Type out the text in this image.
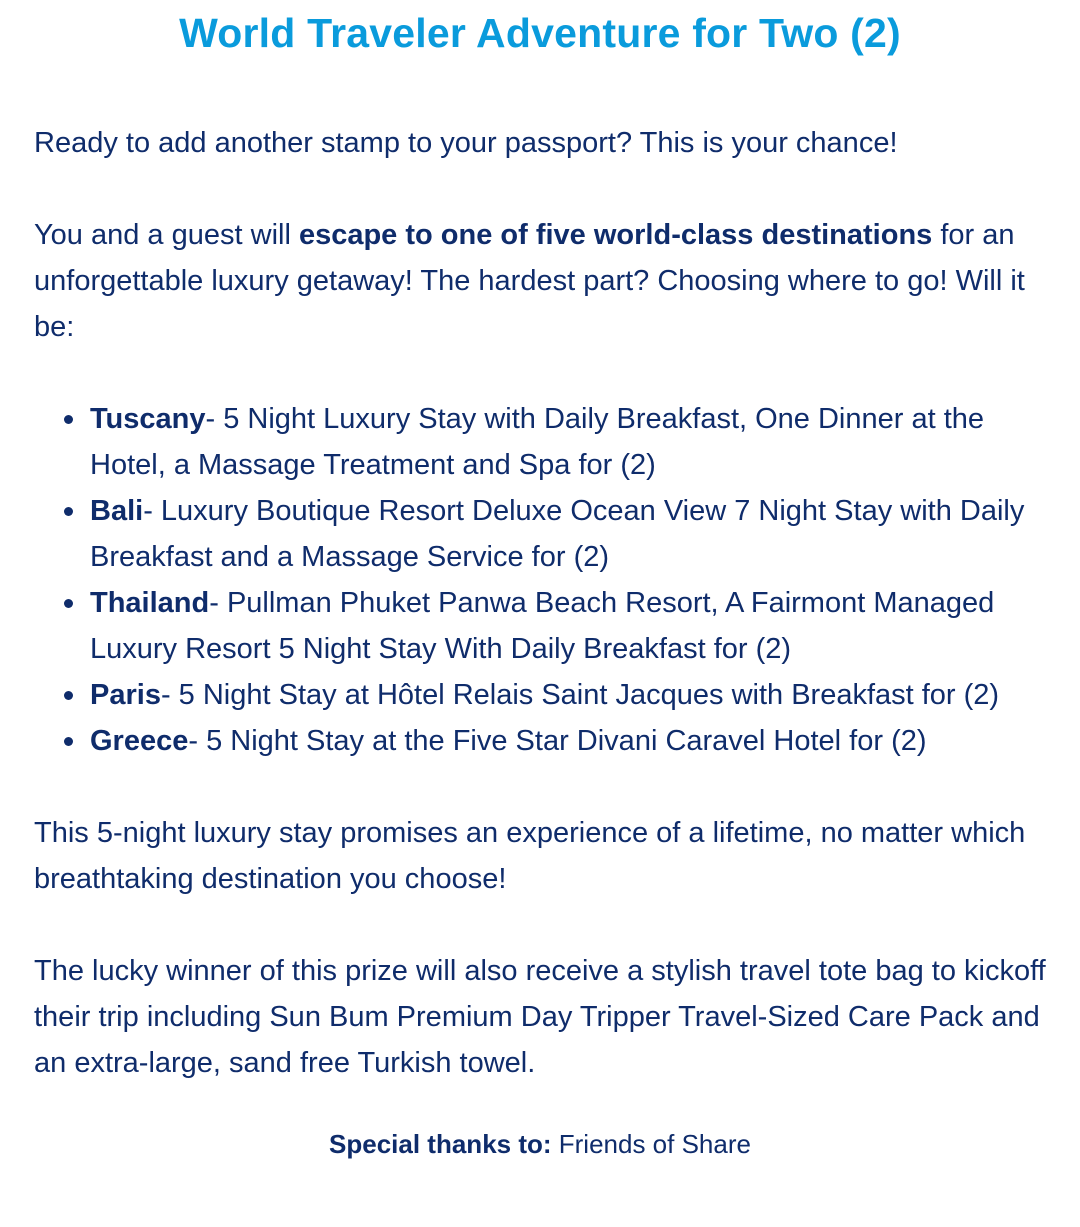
World Traveler Adventure for Two (2)

Ready to add another stamp to your passport? This is your chance!

You and a guest will escape to one of five world-class destinations for an unforgettable luxury getaway! The hardest part? Choosing where to go! Will it be:

Tuscany- 5 Night Luxury Stay with Daily Breakfast, One Dinner at the Hotel, a Massage Treatment and Spa for (2)
Bali- Luxury Boutique Resort Deluxe Ocean View 7 Night Stay with Daily Breakfast and a Massage Service for (2)
Thailand- Pullman Phuket Panwa Beach Resort, A Fairmont Managed Luxury Resort 5 Night Stay With Daily Breakfast for (2)
Paris- 5 Night Stay at Hôtel Relais Saint Jacques with Breakfast for (2)
Greece- 5 Night Stay at the Five Star Divani Caravel Hotel for (2)

This 5-night luxury stay promises an experience of a lifetime, no matter which breathtaking destination you choose!

The lucky winner of this prize will also receive a stylish travel tote bag to kickoff their trip including Sun Bum Premium Day Tripper Travel-Sized Care Pack and an extra-large, sand free Turkish towel.

Special thanks to: Friends of Share
